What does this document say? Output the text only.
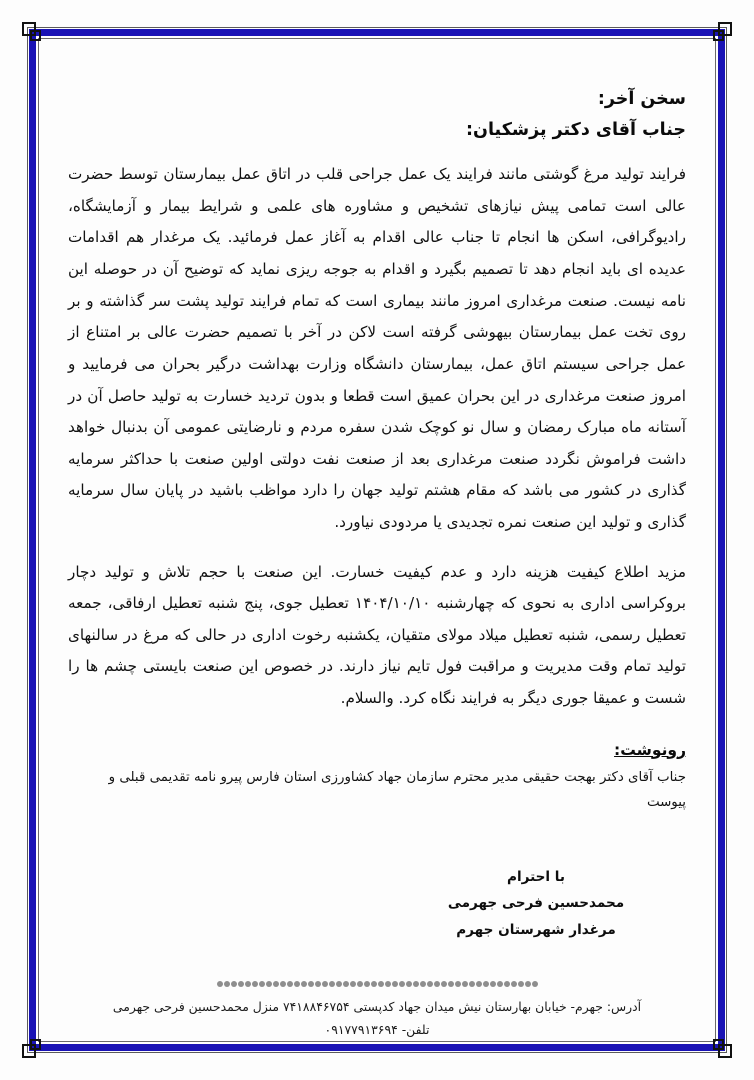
سخن آخر:
جناب آقای دکتر پزشکیان:

فرایند تولید مرغ گوشتی مانند فرایند یک عمل جراحی قلب در اتاق عمل بیمارستان توسط حضرت عالی است تمامی پیش نیازهای تشخیص و مشاوره های علمی و شرایط بیمار و آزمایشگاه، رادیوگرافی، اسکن ها انجام تا جناب عالی اقدام به آغاز عمل فرمائید. یک مرغدار هم اقدامات عدیده ای باید انجام دهد تا تصمیم بگیرد و اقدام به جوجه ریزی نماید که توضیح آن در حوصله این نامه نیست. صنعت مرغداری امروز مانند بیماری است که تمام فرایند تولید پشت سر گذاشته و بر روی تخت عمل بیمارستان بیهوشی گرفته است لاکن در آخر با تصمیم حضرت عالی بر امتناع از عمل جراحی سیستم اتاق عمل، بیمارستان دانشگاه وزارت بهداشت درگیر بحران می فرمایید و امروز صنعت مرغداری در این بحران عمیق است قطعا و بدون تردید خسارت به تولید حاصل آن در آستانه ماه مبارک رمضان و سال نو کوچک شدن سفره مردم و نارضایتی عمومی آن بدنبال خواهد داشت فراموش نگردد صنعت مرغداری بعد از صنعت نفت دولتی اولین صنعت با حداکثر سرمایه گذاری در کشور می باشد که مقام هشتم تولید جهان را دارد مواظب باشید در پایان سال سرمایه گذاری و تولید این صنعت نمره تجدیدی یا مردودی نیاورد.

مزید اطلاع کیفیت هزینه دارد و عدم کیفیت خسارت. این صنعت با حجم تلاش و تولید دچار بروکراسی اداری به نحوی که چهارشنبه ۱۴۰۴/۱۰/۱۰ تعطیل جوی، پنج شنبه تعطیل ارفاقی، جمعه تعطیل رسمی، شنبه تعطیل میلاد مولای متقیان، یکشنبه رخوت اداری در حالی که مرغ در سالنهای تولید تمام وقت مدیریت و مراقبت فول تایم نیاز دارند. در خصوص این صنعت بایستی چشم ها را شست و عمیقا جوری دیگر به فرایند نگاه کرد. والسلام.

رونوشت:
جناب آقای دکتر بهجت حقیقی مدیر محترم سازمان جهاد کشاورزی استان فارس پیرو نامه تقدیمی قبلی و پیوست
با احترام
محمدحسین فرحی جهرمی
مرغدار شهرستان جهرم
آدرس: جهرم- خیابان بهارستان نیش میدان جهاد کدپستی ۷۴۱۸۸۴۶۷۵۴ منزل محمدحسین فرحی جهرمی
تلفن- ۰۹۱۷۷۹۱۳۶۹۴
